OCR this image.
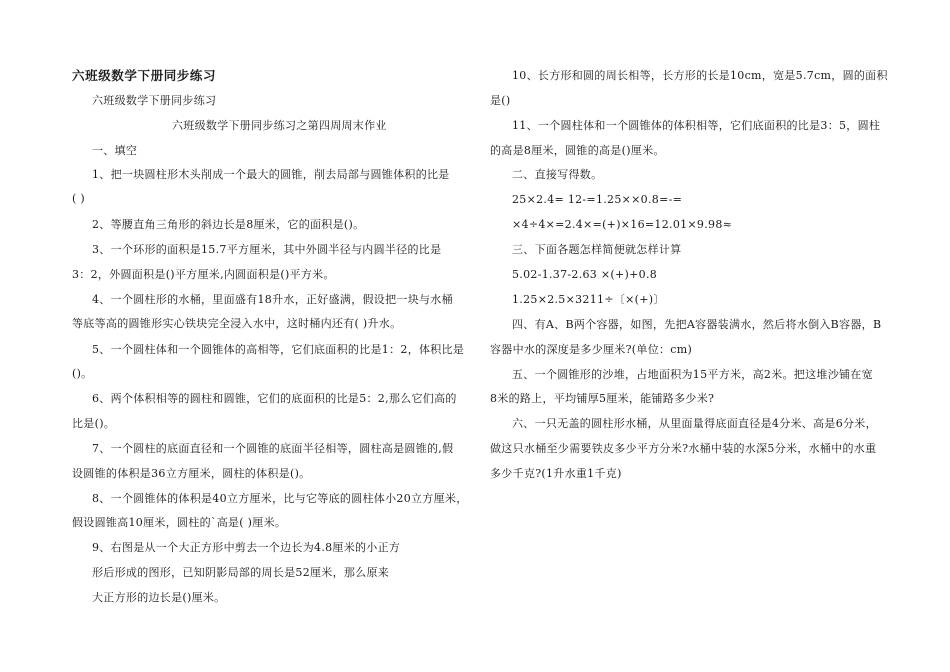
六班级数学下册同步练习
六班级数学下册同步练习
六班级数学下册同步练习之第四周周末作业
一、填空
1、把一块圆柱形木头削成一个最大的圆锥，削去局部与圆锥体积的比是
( )
2、等腰直角三角形的斜边长是8厘米，它的面积是()。
3、一个环形的面积是15.7平方厘米，其中外圆半径与内圆半径的比是
3：2，外圆面积是()平方厘米,内圆面积是()平方米。
4、一个圆柱形的水桶，里面盛有18升水，正好盛满，假设把一块与水桶
等底等高的圆锥形实心铁块完全浸入水中，这时桶内还有( )升水。
5、一个圆柱体和一个圆锥体的高相等，它们底面积的比是1：2，体积比是
()。
6、两个体积相等的圆柱和圆锥，它们的底面积的比是5：2,那么它们高的
比是()。
7、一个圆柱的底面直径和一个圆锥的底面半径相等，圆柱高是圆锥的,假
设圆锥的体积是36立方厘米，圆柱的体积是()。
8、一个圆锥体的体积是40立方厘米，比与它等底的圆柱体小20立方厘米，
假设圆锥高10厘米，圆柱的`高是( )厘米。
9、右图是从一个大正方形中剪去一个边长为4.8厘米的小正方
形后形成的图形，已知阴影局部的周长是52厘米，那么原来
大正方形的边长是()厘米。
10、长方形和圆的周长相等，长方形的长是10cm，宽是5.7cm，圆的面积
是()
11、一个圆柱体和一个圆锥体的体积相等，它们底面积的比是3：5，圆柱
的高是8厘米，圆锥的高是()厘米。
二、直接写得数。
25×2.4= 12-=1.25××0.8=-=
×4÷4×=2.4×=(+)×16=12.01×9.98≈
三、下面各题怎样简便就怎样计算
5.02-1.37-2.63 ×(+)+0.8
1.25×2.5×3211÷〔×(+)〕
四、有A、B两个容器，如图，先把A容器装满水，然后将水倒入B容器，B
容器中水的深度是多少厘米?(单位：cm)
五、一个圆锥形的沙堆，占地面积为15平方米，高2米。把这堆沙铺在宽
8米的路上，平均铺厚5厘米，能铺路多少米?
六、一只无盖的圆柱形水桶，从里面量得底面直径是4分米、高是6分米，
做这只水桶至少需要铁皮多少平方分米?水桶中装的水深5分米，水桶中的水重
多少千克?(1升水重1千克)
